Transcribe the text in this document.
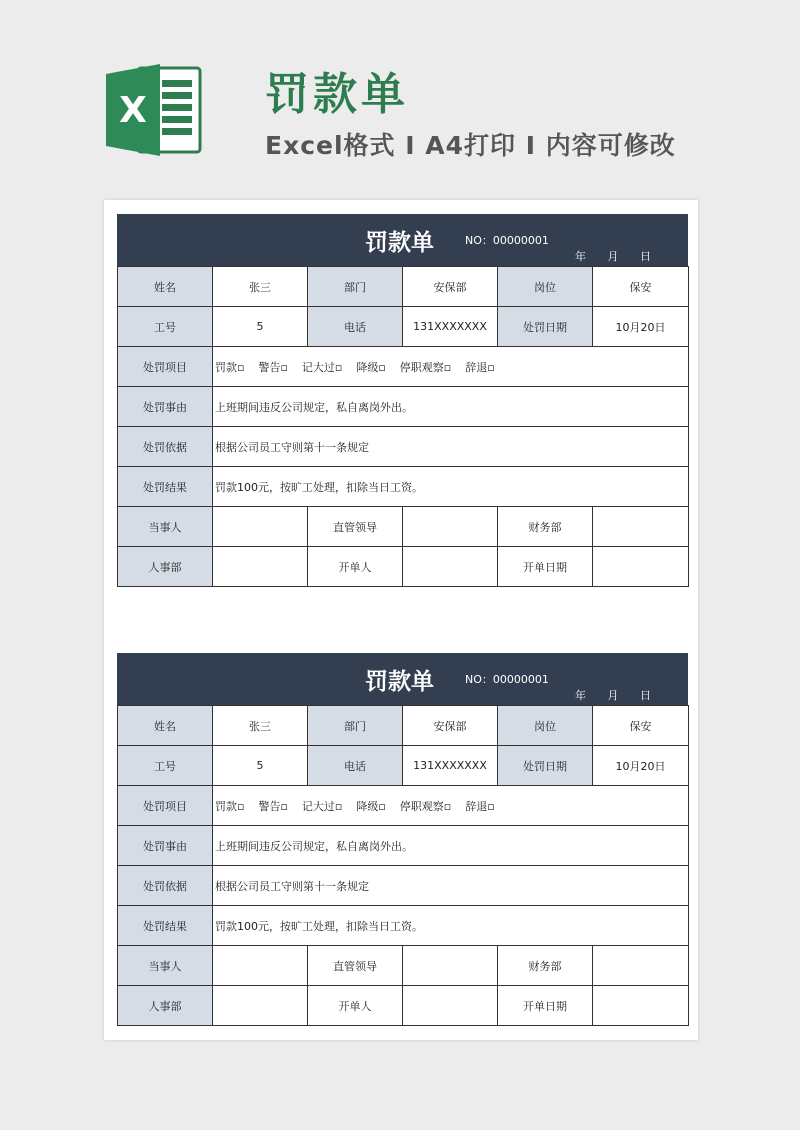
X	罚款单
Excel格式 I A4打印 I 内容可修改
罚款单	NO：00000001
年 月 日
姓名	张三	部门	安保部	岗位	保安
工号	5	电话	131XXXXXXX	处罚日期	10月20日
处罚项目	罚款▫    警告▫    记大过▫    降级▫    停职观察▫    辞退▫				
处罚事由	上班期间违反公司规定，私自离岗外出。				
处罚依据	根据公司员工守则第十一条规定				
处罚结果	罚款100元，按旷工处理，扣除当日工资。				
当事人		直管领导		财务部	
人事部		开单人		开单日期	
罚款单	NO：00000001
年 月 日
姓名	张三	部门	安保部	岗位	保安
工号	5	电话	131XXXXXXX	处罚日期	10月20日
处罚项目	罚款▫    警告▫    记大过▫    降级▫    停职观察▫    辞退▫				
处罚事由	上班期间违反公司规定，私自离岗外出。				
处罚依据	根据公司员工守则第十一条规定				
处罚结果	罚款100元，按旷工处理，扣除当日工资。				
当事人		直管领导		财务部	
人事部		开单人		开单日期	
